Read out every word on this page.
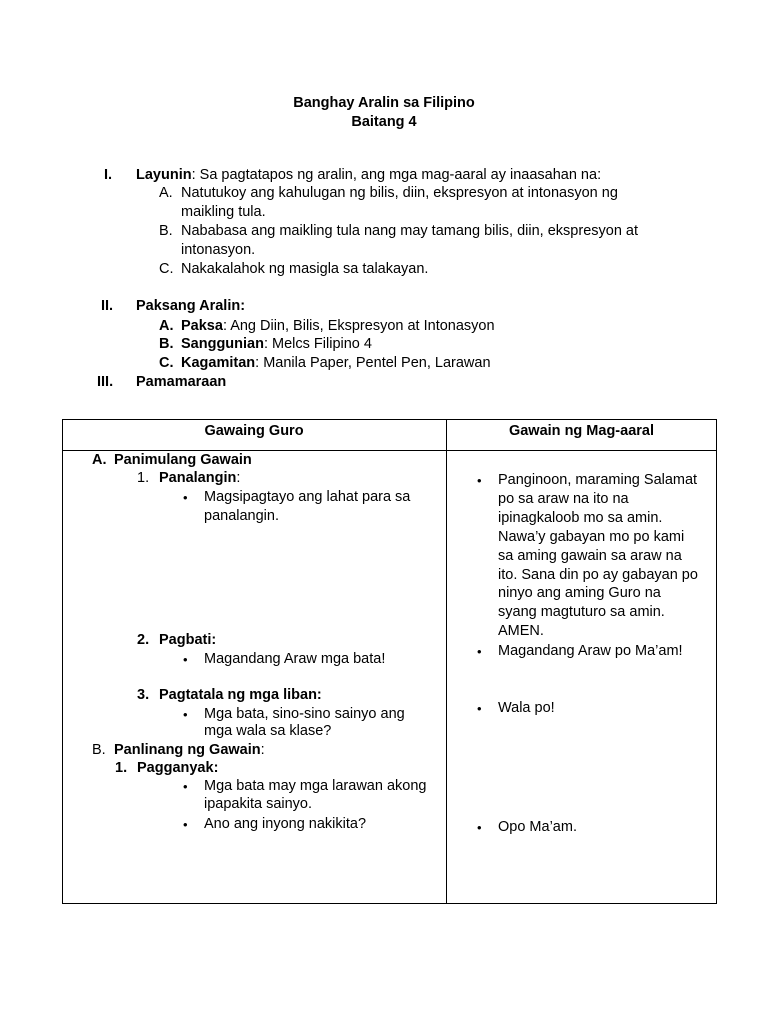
Banghay Aralin sa Filipino
Baitang 4
I. Layunin: Sa pagtatapos ng aralin, ang mga mag-aaral ay inaasahan na:
A. Natutukoy ang kahulugan ng bilis, diin, ekspresyon at intonasyon ng
maikling tula.
B. Nababasa ang maikling tula nang may tamang bilis, diin, ekspresyon at
intonasyon.
C. Nakakalahok ng masigla sa talakayan.
II. Paksang Aralin:
A. Paksa: Ang Diin, Bilis, Ekspresyon at Intonasyon
B. Sanggunian: Melcs Filipino 4
C. Kagamitan: Manila Paper, Pentel Pen, Larawan
III. Pamamaraan
Gawaing Guro	Gawain ng Mag-aaral
A. Panimulang Gawain
1. Panalangin:
• Magsipagtayo ang lahat para sa
panalangin.
2. Pagbati:
• Magandang Araw mga bata!
3. Pagtatala ng mga liban:
• Mga bata, sino-sino sainyo ang
mga wala sa klase?
B. Panlinang ng Gawain:
1. Pagganyak:
• Mga bata may mga larawan akong
ipapakita sainyo.
• Ano ang inyong nakikita?
• Panginoon, maraming Salamat
po sa araw na ito na
ipinagkaloob mo sa amin.
Nawa’y gabayan mo po kami
sa aming gawain sa araw na
ito. Sana din po ay gabayan po
ninyo ang aming Guro na
syang magtuturo sa amin.
AMEN.
• Magandang Araw po Ma’am!
• Wala po!
• Opo Ma’am.
